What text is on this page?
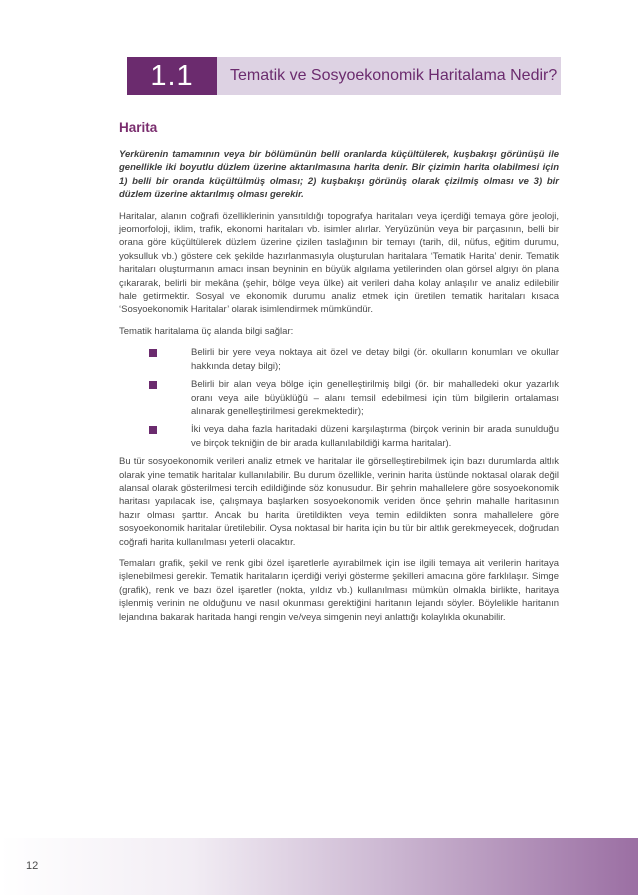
1.1	Tematik ve Sosyoekonomik Haritalama Nedir?
Harita

Yerkürenin tamamının veya bir bölümünün belli oranlarda küçültülerek, kuşbakışı görünüşü ile genellikle iki boyutlu düzlem üzerine aktarılmasına harita denir. Bir çizimin harita olabilmesi için 1) belli bir oranda küçültülmüş olması; 2) kuşbakışı görünüş olarak çizilmiş olması ve 3) bir düzlem üzerine aktarılmış olması gerekir.

Haritalar, alanın coğrafi özelliklerinin yansıtıldığı topografya haritaları veya içerdiği temaya göre jeoloji, jeomorfoloji, iklim, trafik, ekonomi haritaları vb. isimler alırlar. Yeryüzünün veya bir parçasının, belli bir orana göre küçültülerek düzlem üzerine çizilen taslağının bir temayı (tarih, dil, nüfus, eğitim durumu, yoksulluk vb.) göstere cek şekilde hazırlanmasıyla oluşturulan haritalara ‘Tematik Harita’ denir. Tematik haritaları oluşturmanın amacı insan beyninin en büyük algılama yetilerinden olan görsel algıyı ön plana çıkararak, belirli bir mekâna (şehir, bölge veya ülke) ait verileri daha kolay anlaşılır ve analiz edilebilir hale getirmektir. Sosyal ve ekonomik durumu analiz etmek için üretilen tematik haritaları kısaca ‘Sosyoekonomik Haritalar’ olarak isimlendirmek mümkündür.

Tematik haritalama üç alanda bilgi sağlar:

Belirli bir yere veya noktaya ait özel ve detay bilgi (ör. okulların konumları ve okullar hakkında detay bilgi);
Belirli bir alan veya bölge için genelleştirilmiş bilgi (ör. bir mahalledeki okur yazarlık oranı veya aile büyüklüğü – alanı temsil edebilmesi için tüm bilgilerin ortalaması alınarak genelleştirilmesi gerekmektedir);
İki veya daha fazla haritadaki düzeni karşılaştırma (birçok verinin bir arada sunulduğu ve birçok tekniğin de bir arada kullanılabildiği karma haritalar).

Bu tür sosyoekonomik verileri analiz etmek ve haritalar ile görselleştirebilmek için bazı durumlarda altlık olarak yine tematik haritalar kullanılabilir. Bu durum özellikle, verinin harita üstünde noktasal olarak değil alansal olarak gösterilmesi tercih edildiğinde söz konusudur. Bir şehrin mahallelere göre sosyoekonomik haritası yapılacak ise, çalışmaya başlarken sosyoekonomik veriden önce şehrin mahalle haritasının hazır olması şarttır. Ancak bu harita üretildikten veya temin edildikten sonra mahallelere göre sosyoekonomik haritalar üretilebilir. Oysa noktasal bir harita için bu tür bir altlık gerekmeyecek, doğrudan coğrafi harita kullanılması yeterli olacaktır.

Temaları grafik, şekil ve renk gibi özel işaretlerle ayırabilmek için ise ilgili temaya ait verilerin haritaya işlenebilmesi gerekir. Tematik haritaların içerdiği veriyi gösterme şekilleri amacına göre farklılaşır. Simge (grafik), renk ve bazı özel işaretler (nokta, yıldız vb.) kullanılması mümkün olmakla birlikte, haritaya işlenmiş verinin ne olduğunu ve nasıl okunması gerektiğini haritanın lejandı söyler. Böylelikle haritanın lejandına bakarak haritada hangi rengin ve/veya simgenin neyi anlattığı kolaylıkla okunabilir.

12
